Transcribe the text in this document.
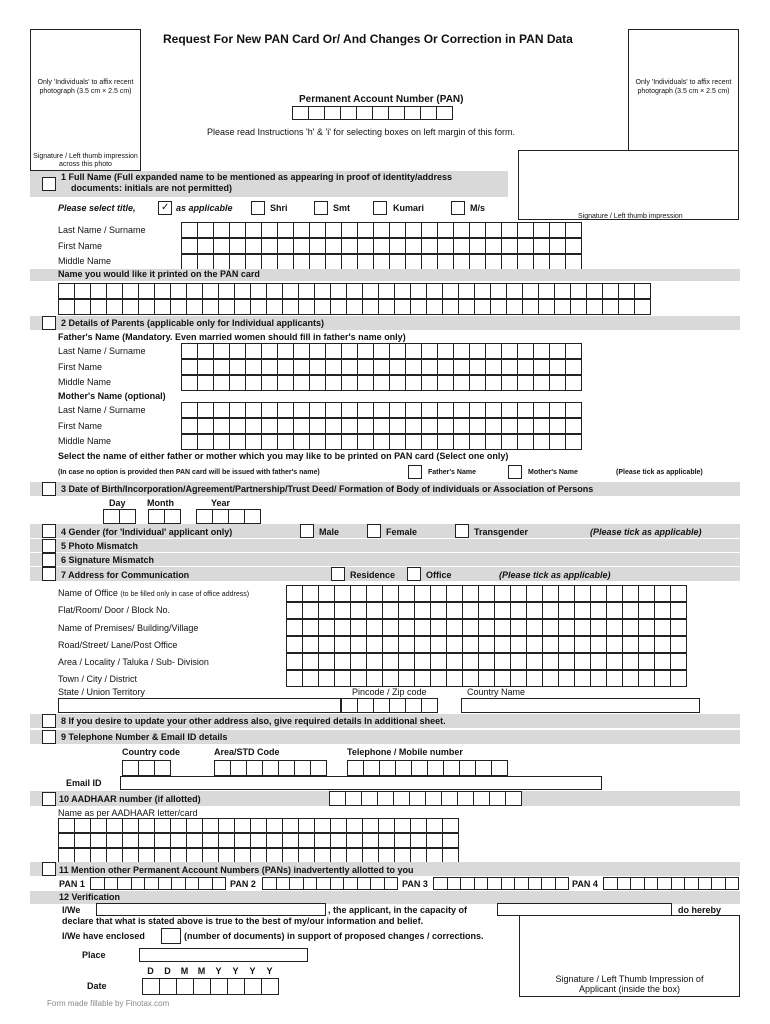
Only 'Individuals' to affix recent photograph (3.5 cm × 2.5 cm)
Signature / Left thumb impression across this photo
Request For New PAN Card Or/ And Changes Or Correction in PAN Data
Only 'Individuals' to affix recent photograph (3.5 cm × 2.5 cm)
Permanent Account Number (PAN)
Please read Instructions 'h' & 'i' for selecting boxes on left margin of this form.
Signature / Left thumb impression
1 Full Name (Full expanded name to be mentioned as appearing in proof of identity/address
documents: initials are not permitted)
Please select title,	✓ as applicable	Shri	Smt	Kumari	M/s
Last Name / Surname
First Name
Middle Name
Name you would like it printed on the PAN card
2 Details of Parents (applicable only for Individual applicants)
Father's Name (Mandatory. Even married women should fill in father's name only)
Last Name / Surname
First Name
Middle Name
Mother's Name (optional)
Last Name / Surname
First Name
Middle Name
Select the name of either father or mother which you may like to be printed on PAN card (Select one only)
(In case no option is provided then PAN card will be issued with father's name)	Father's Name	Mother's Name	(Please tick as applicable)
3 Date of Birth/Incorporation/Agreement/Partnership/Trust Deed/ Formation of Body of individuals or Association of Persons
Day Month	Year
4 Gender (for 'Individual' applicant only)	Male	Female	Transgender	(Please tick as applicable)
5 Photo Mismatch
6 Signature Mismatch
7 Address for Communication	Residence	Office	(Please tick as applicable)
Name of Office (to be filled only in case of office address)
Flat/Room/ Door / Block No.
Name of Premises/ Building/Village
Road/Street/ Lane/Post Office
Area / Locality / Taluka / Sub- Division
Town / City / District
State / Union Territory	Pincode / Zip code	Country Name
8 If you desire to update your other address also, give required details In additional sheet.
9 Telephone Number & Email ID details
Country code	Area/STD Code	Telephone / Mobile number
Email ID
10 AADHAAR number (if allotted)
Name as per AADHAAR letter/card
11 Mention other Permanent Account Numbers (PANs) inadvertently allotted to you
PAN 1	PAN 2	PAN 3	PAN 4
12 Verification
I/We	, the applicant, in the capacity of	do hereby
declare that what is stated above is true to the best of my/our information and belief.
I/We have enclosed	(number of documents) in support of proposed changes / corrections.
Place
D D M M Y Y Y Y
Date
Signature / Left Thumb Impression of
Applicant (inside the box)
Form made fillable by Finotax.com
